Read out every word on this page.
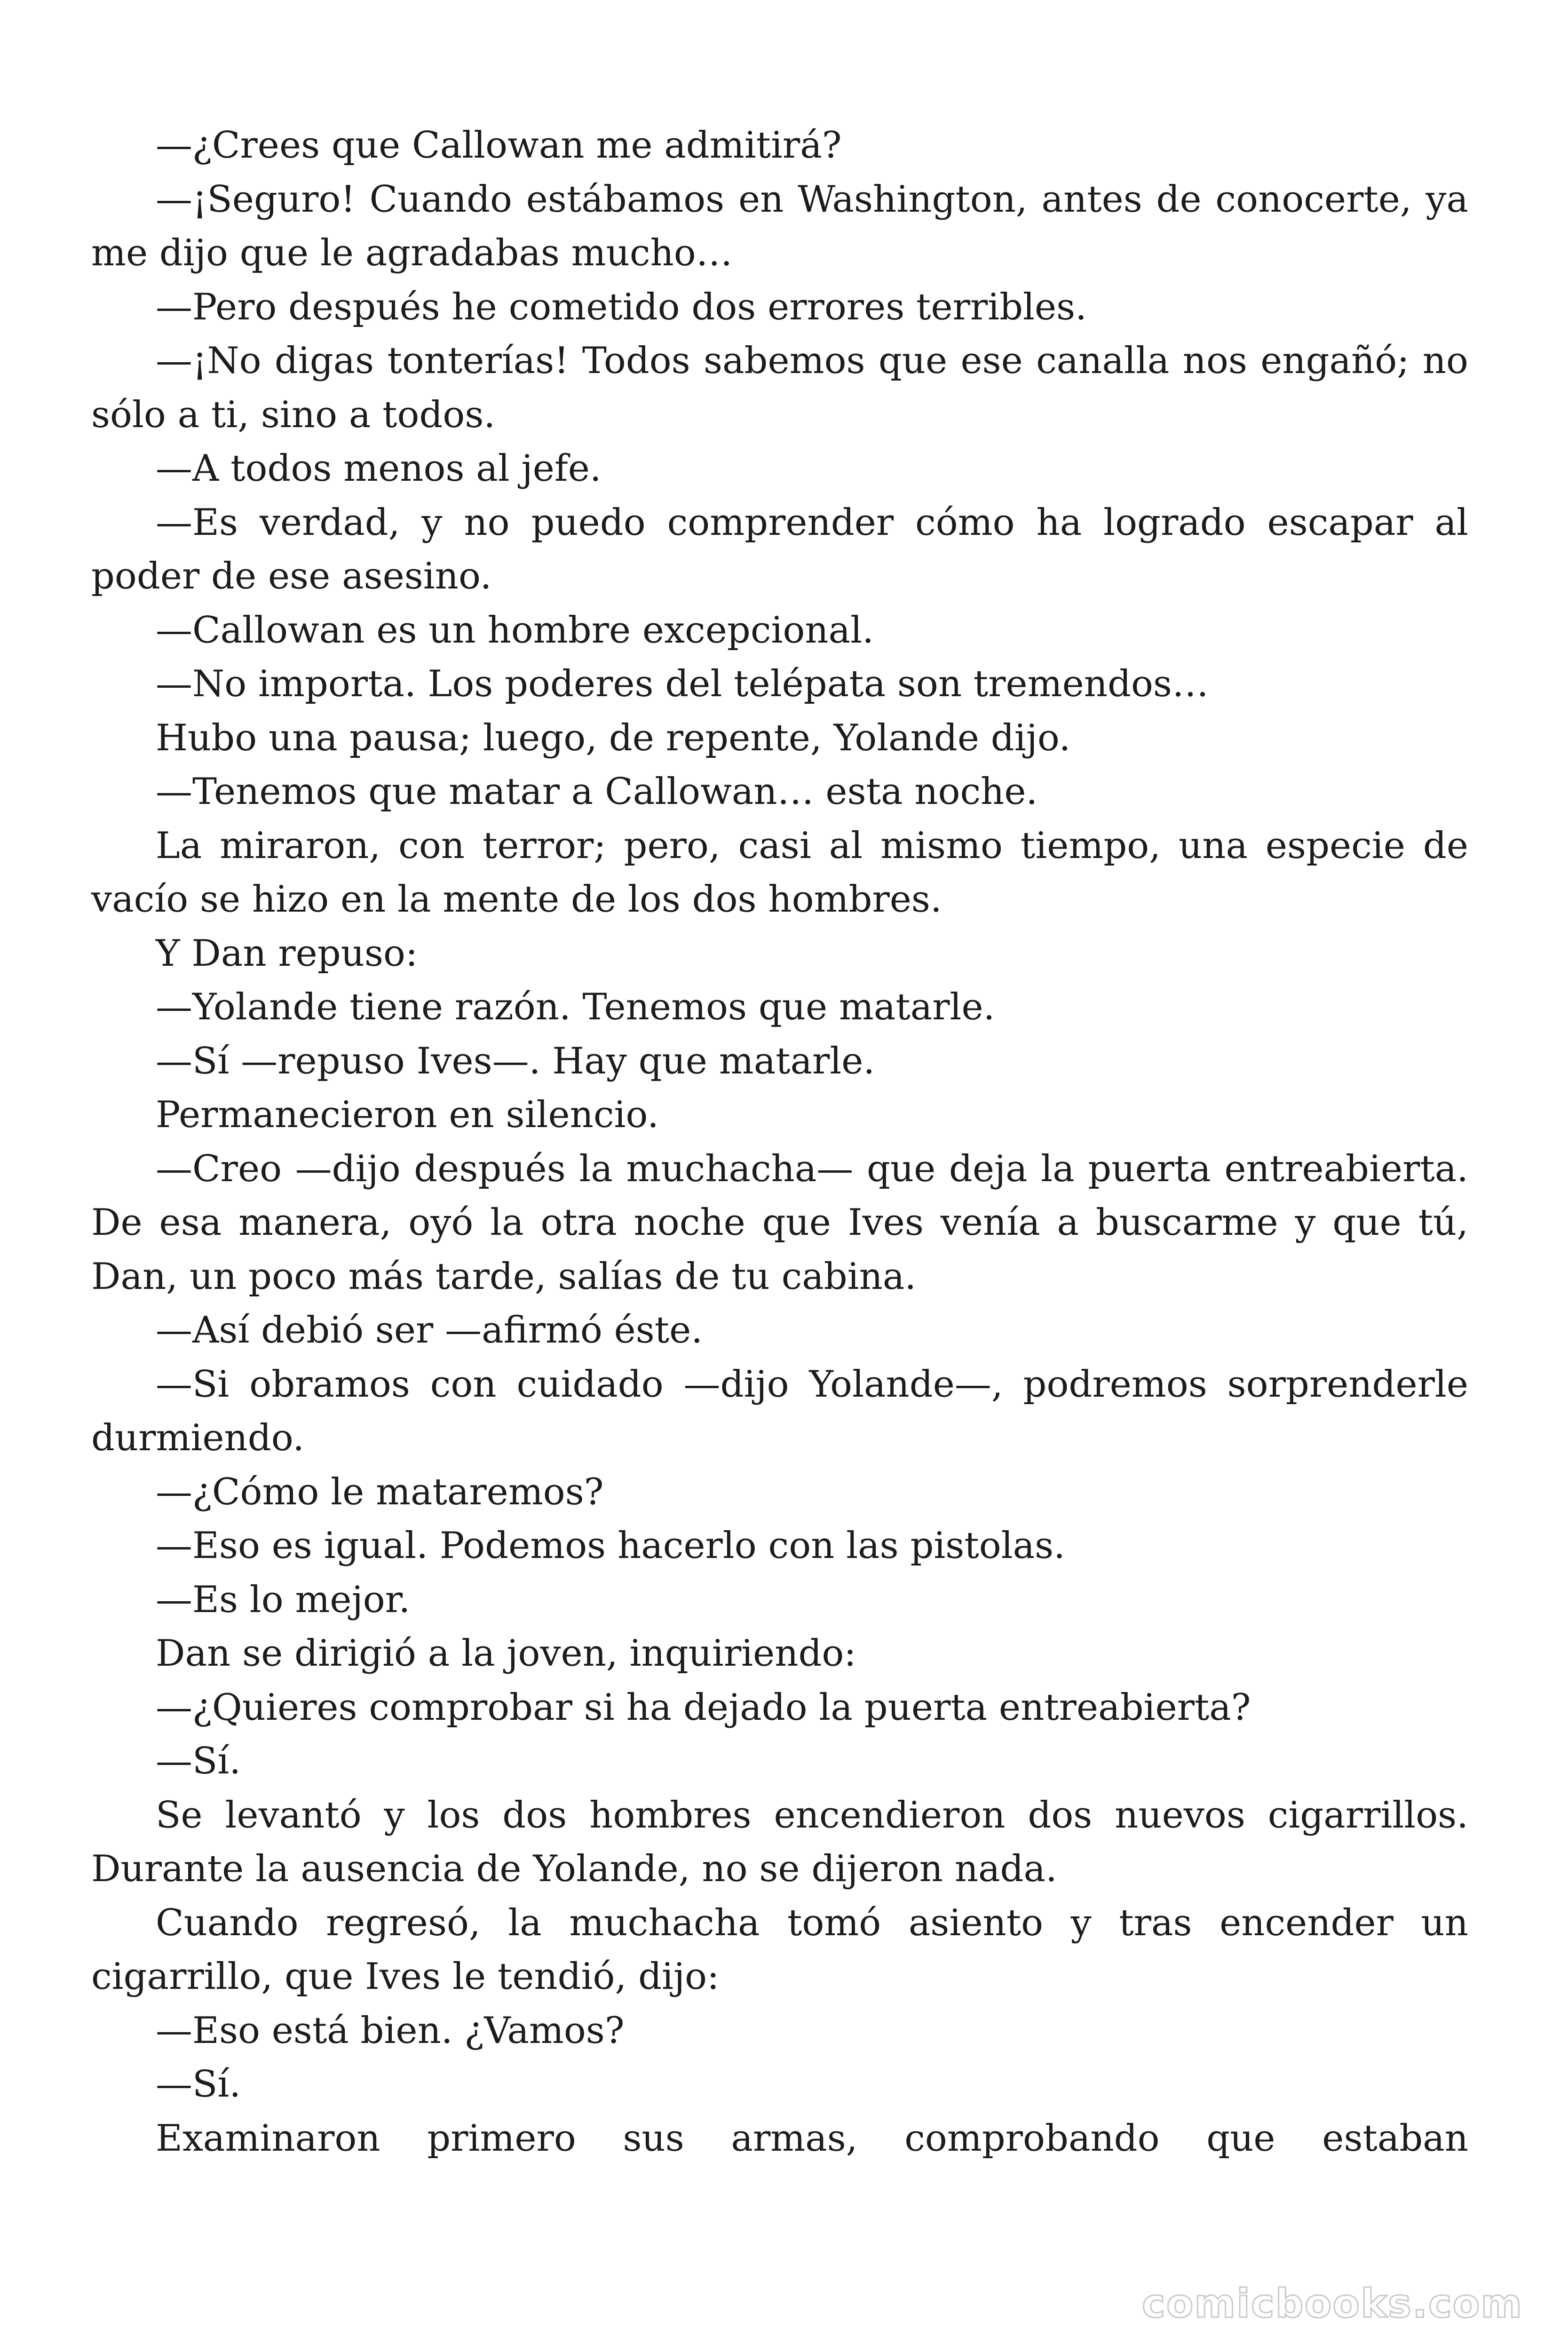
—¿Crees que Callowan me admitirá?

—¡Seguro! Cuando estábamos en Washington, antes de conocerte, ya me dijo que le agradabas mucho…

—Pero después he cometido dos errores terribles.

—¡No digas tonterías! Todos sabemos que ese canalla nos engañó; no sólo a ti, sino a todos.

—A todos menos al jefe.

—Es verdad, y no puedo comprender cómo ha logrado escapar al poder de ese asesino.

—Callowan es un hombre excepcional.

—No importa. Los poderes del telépata son tremendos…

Hubo una pausa; luego, de repente, Yolande dijo.

—Tenemos que matar a Callowan… esta noche.

La miraron, con terror; pero, casi al mismo tiempo, una especie de vacío se hizo en la mente de los dos hombres.

Y Dan repuso:

—Yolande tiene razón. Tenemos que matarle.

—Sí —repuso Ives—. Hay que matarle.

Permanecieron en silencio.

—Creo —dijo después la muchacha— que deja la puerta entreabierta. De esa manera, oyó la otra noche que Ives venía a buscarme y que tú, Dan, un poco más tarde, salías de tu cabina.

—Así debió ser —afirmó éste.

—Si obramos con cuidado —dijo Yolande—, podremos sorprenderle durmiendo.

—¿Cómo le mataremos?

—Eso es igual. Podemos hacerlo con las pistolas.

—Es lo mejor.

Dan se dirigió a la joven, inquiriendo:

—¿Quieres comprobar si ha dejado la puerta entreabierta?

—Sí.

Se levantó y los dos hombres encendieron dos nuevos cigarrillos. Durante la ausencia de Yolande, no se dijeron nada.

Cuando regresó, la muchacha tomó asiento y tras encender un cigarrillo, que Ives le tendió, dijo:

—Eso está bien. ¿Vamos?

—Sí.

Examinaron primero sus armas, comprobando que estaban

comicbooks.com
